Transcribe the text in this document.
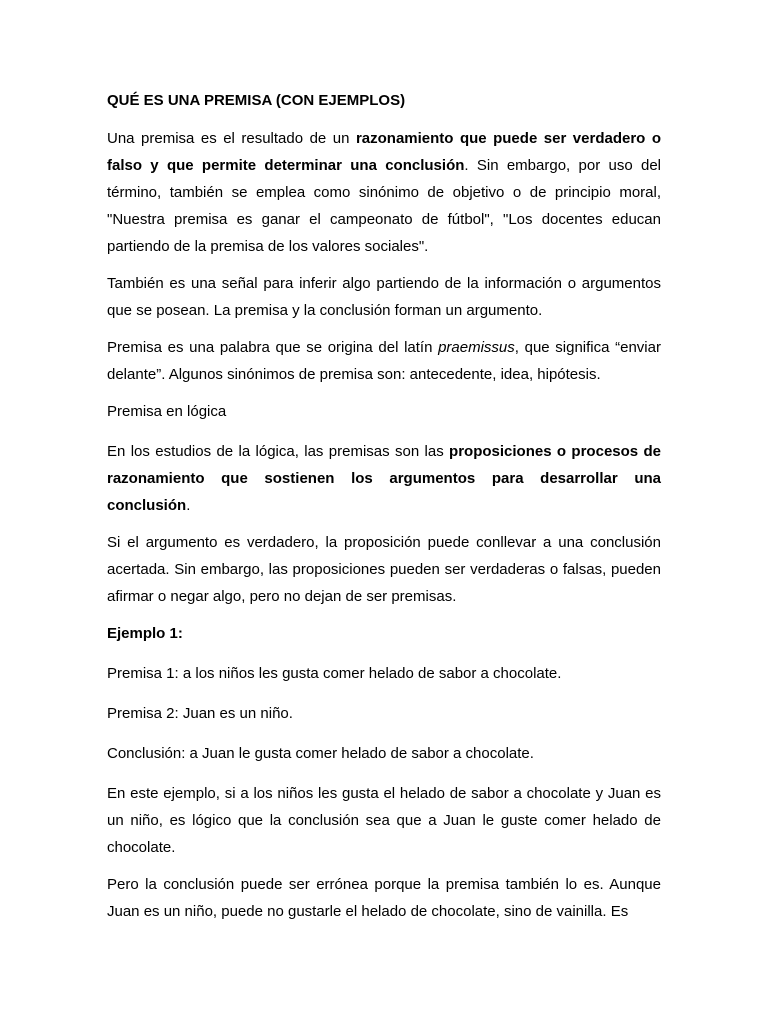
QUÉ ES UNA PREMISA (CON EJEMPLOS)

Una premisa es el resultado de un razonamiento que puede ser verdadero o falso y que permite determinar una conclusión. Sin embargo, por uso del término, también se emplea como sinónimo de objetivo o de principio moral, "Nuestra premisa es ganar el campeonato de fútbol", "Los docentes educan partiendo de la premisa de los valores sociales".

También es una señal para inferir algo partiendo de la información o argumentos que se posean. La premisa y la conclusión forman un argumento.

Premisa es una palabra que se origina del latín praemissus, que significa “enviar delante”. Algunos sinónimos de premisa son: antecedente, idea, hipótesis.

Premisa en lógica

En los estudios de la lógica, las premisas son las proposiciones o procesos de razonamiento que sostienen los argumentos para desarrollar una conclusión.

Si el argumento es verdadero, la proposición puede conllevar a una conclusión acertada. Sin embargo, las proposiciones pueden ser verdaderas o falsas, pueden afirmar o negar algo, pero no dejan de ser premisas.

Ejemplo 1:

Premisa 1: a los niños les gusta comer helado de sabor a chocolate.

Premisa 2: Juan es un niño.

Conclusión: a Juan le gusta comer helado de sabor a chocolate.

En este ejemplo, si a los niños les gusta el helado de sabor a chocolate y Juan es un niño, es lógico que la conclusión sea que a Juan le guste comer helado de chocolate.

Pero la conclusión puede ser errónea porque la premisa también lo es. Aunque Juan es un niño, puede no gustarle el helado de chocolate, sino de vainilla. Es
